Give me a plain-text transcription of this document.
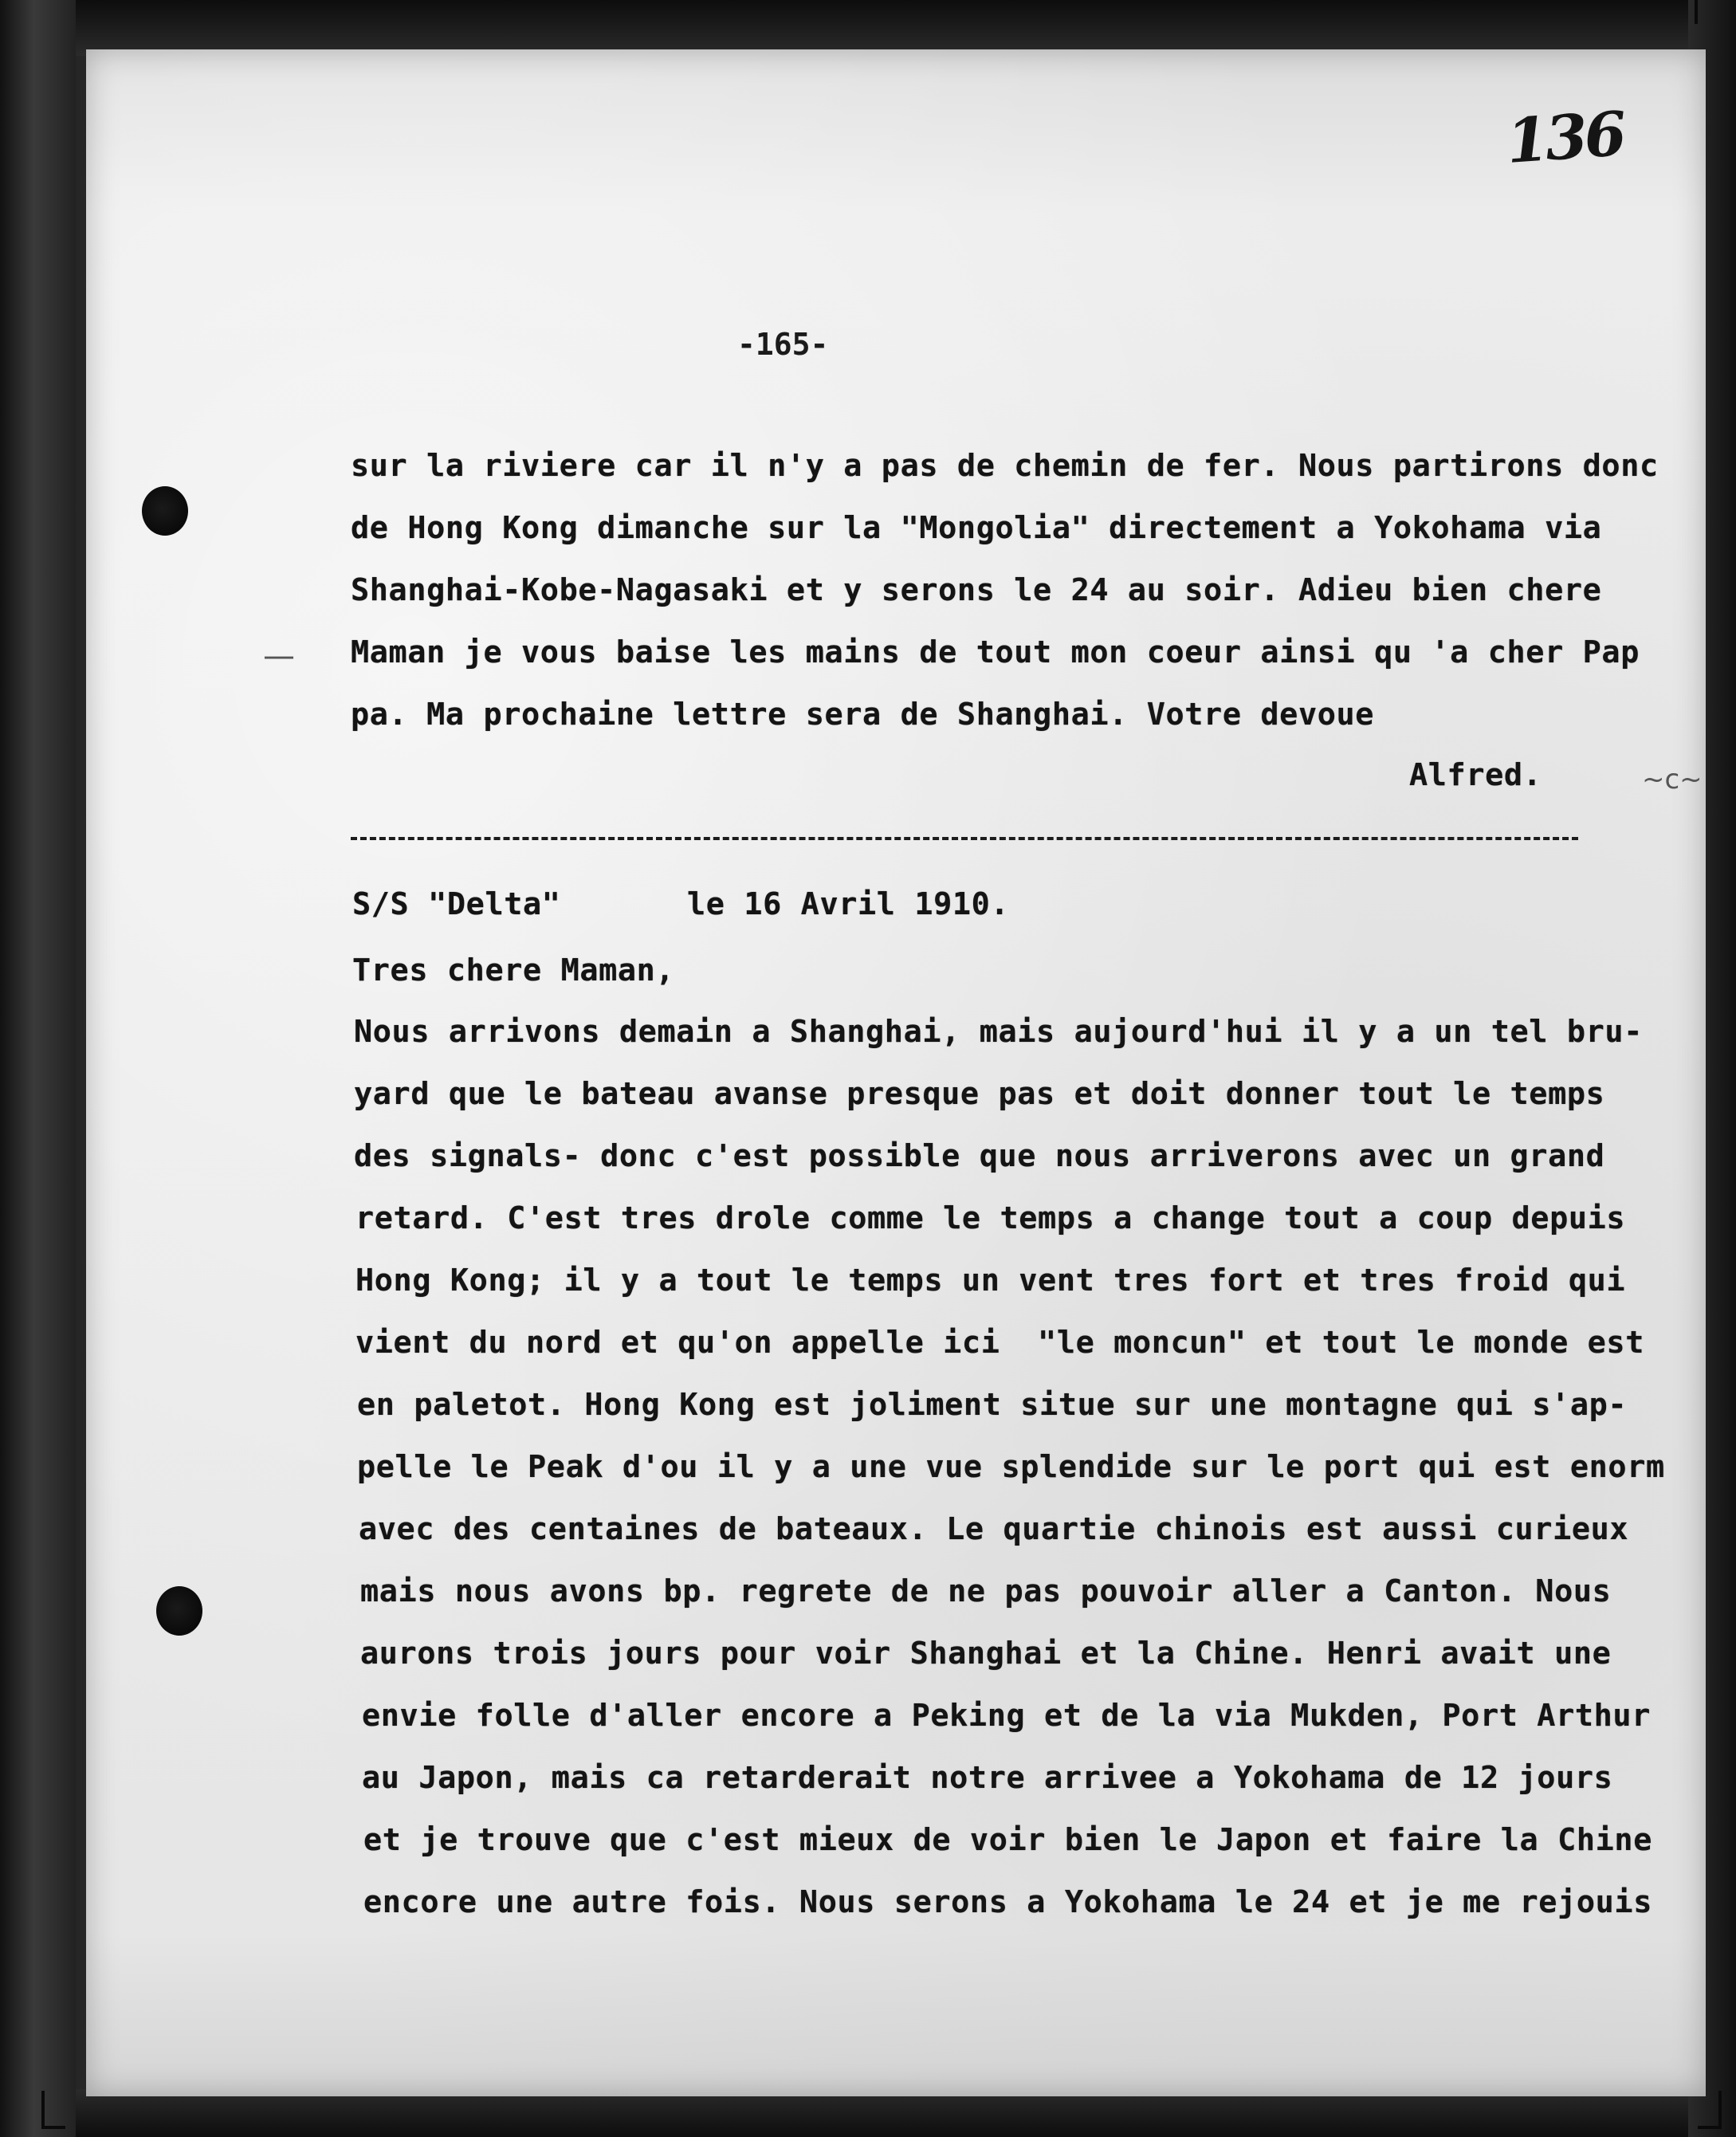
—
~c~
136
-165-
sur la riviere car il n'y a pas de chemin de fer. Nous partirons donc
de Hong Kong dimanche sur la "Mongolia" directement a Yokohama via
Shanghai-Kobe-Nagasaki et y serons le 24 au soir. Adieu bien chere
Maman je vous baise les mains de tout mon coeur ainsi qu 'a cher Pap
pa. Ma prochaine lettre sera de Shanghai. Votre devoue
Alfred.
S/S "Delta"	le 16 Avril 1910.
Tres chere Maman,
Nous arrivons demain a Shanghai, mais aujourd'hui il y a un tel bru-
yard que le bateau avanse presque pas et doit donner tout le temps
des signals- donc c'est possible que nous arriverons avec un grand
retard. C'est tres drole comme le temps a change tout a coup depuis
Hong Kong; il y a tout le temps un vent tres fort et tres froid qui
vient du nord et qu'on appelle ici  "le moncun" et tout le monde est
en paletot. Hong Kong est joliment situe sur une montagne qui s'ap-
pelle le Peak d'ou il y a une vue splendide sur le port qui est enorm
avec des centaines de bateaux. Le quartie chinois est aussi curieux
mais nous avons bp. regrete de ne pas pouvoir aller a Canton. Nous
aurons trois jours pour voir Shanghai et la Chine. Henri avait une
envie folle d'aller encore a Peking et de la via Mukden, Port Arthur
au Japon, mais ca retarderait notre arrivee a Yokohama de 12 jours
et je trouve que c'est mieux de voir bien le Japon et faire la Chine
encore une autre fois. Nous serons a Yokohama le 24 et je me rejouis
